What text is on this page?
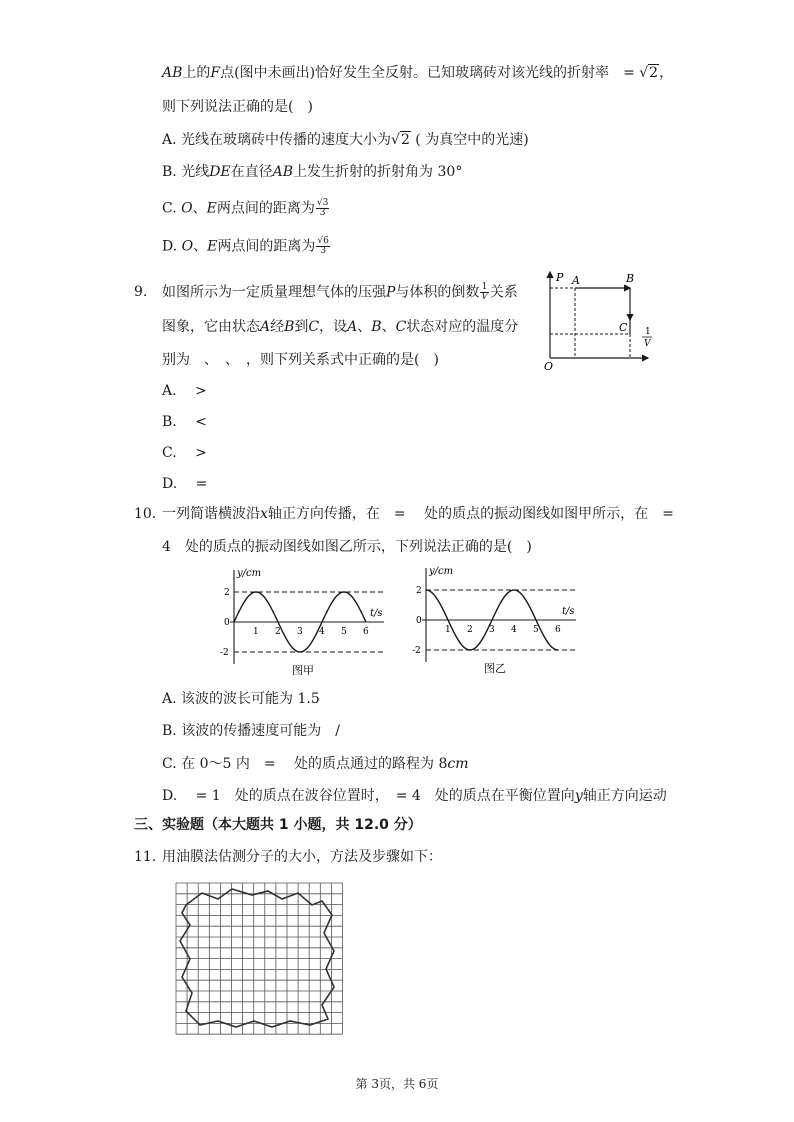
AB上的F点(图中未画出)恰好发生全反射。已知玻璃砖对该光线的折射率 = √2，
则下列说法正确的是(　)
A. 光线在玻璃砖中传播的速度大小为√2 ( 为真空中的光速)
B. 光线DE在直径AB上发生折射的折射角为 30°
C. O、E两点间的距离为 $\frac{√3}{3}$
D. O、E两点间的距离为 $\frac{√6}{3}$
9. 如图所示为一定质量理想气体的压强P与体积的倒数 $\frac{1}{V}$ 关系
图象，它由状态A经B到C，设A、B、C状态对应的温度分
别为　、　、　，则下列关系式中正确的是(　)
A.　 >
B.　 <
C.　 >
D.　 =
P A	B
C
O
1
V
10. 一列简谐横波沿x轴正方向传播，在　=　 处的质点的振动图线如图甲所示，在　=
4　处的质点的振动图线如图乙所示，下列说法正确的是(　)
1 2 3 4 5 6
2
0
-2
y/cm
t/s
图甲
1 2 3 4 5 6
2
0
-2
y/cm
t/s
图乙
A. 该波的波长可能为 1.5
B. 该波的传播速度可能为　/
C. 在 0～5 内　=　 处的质点通过的路程为 8cm
D.　 = 1　处的质点在波谷位置时，　= 4　处的质点在平衡位置向y轴正方向运动
三、实验题（本大题共 1 小题，共 12.0 分）
11. 用油膜法估测分子的大小，方法及步骤如下：
第 3页，共 6页
